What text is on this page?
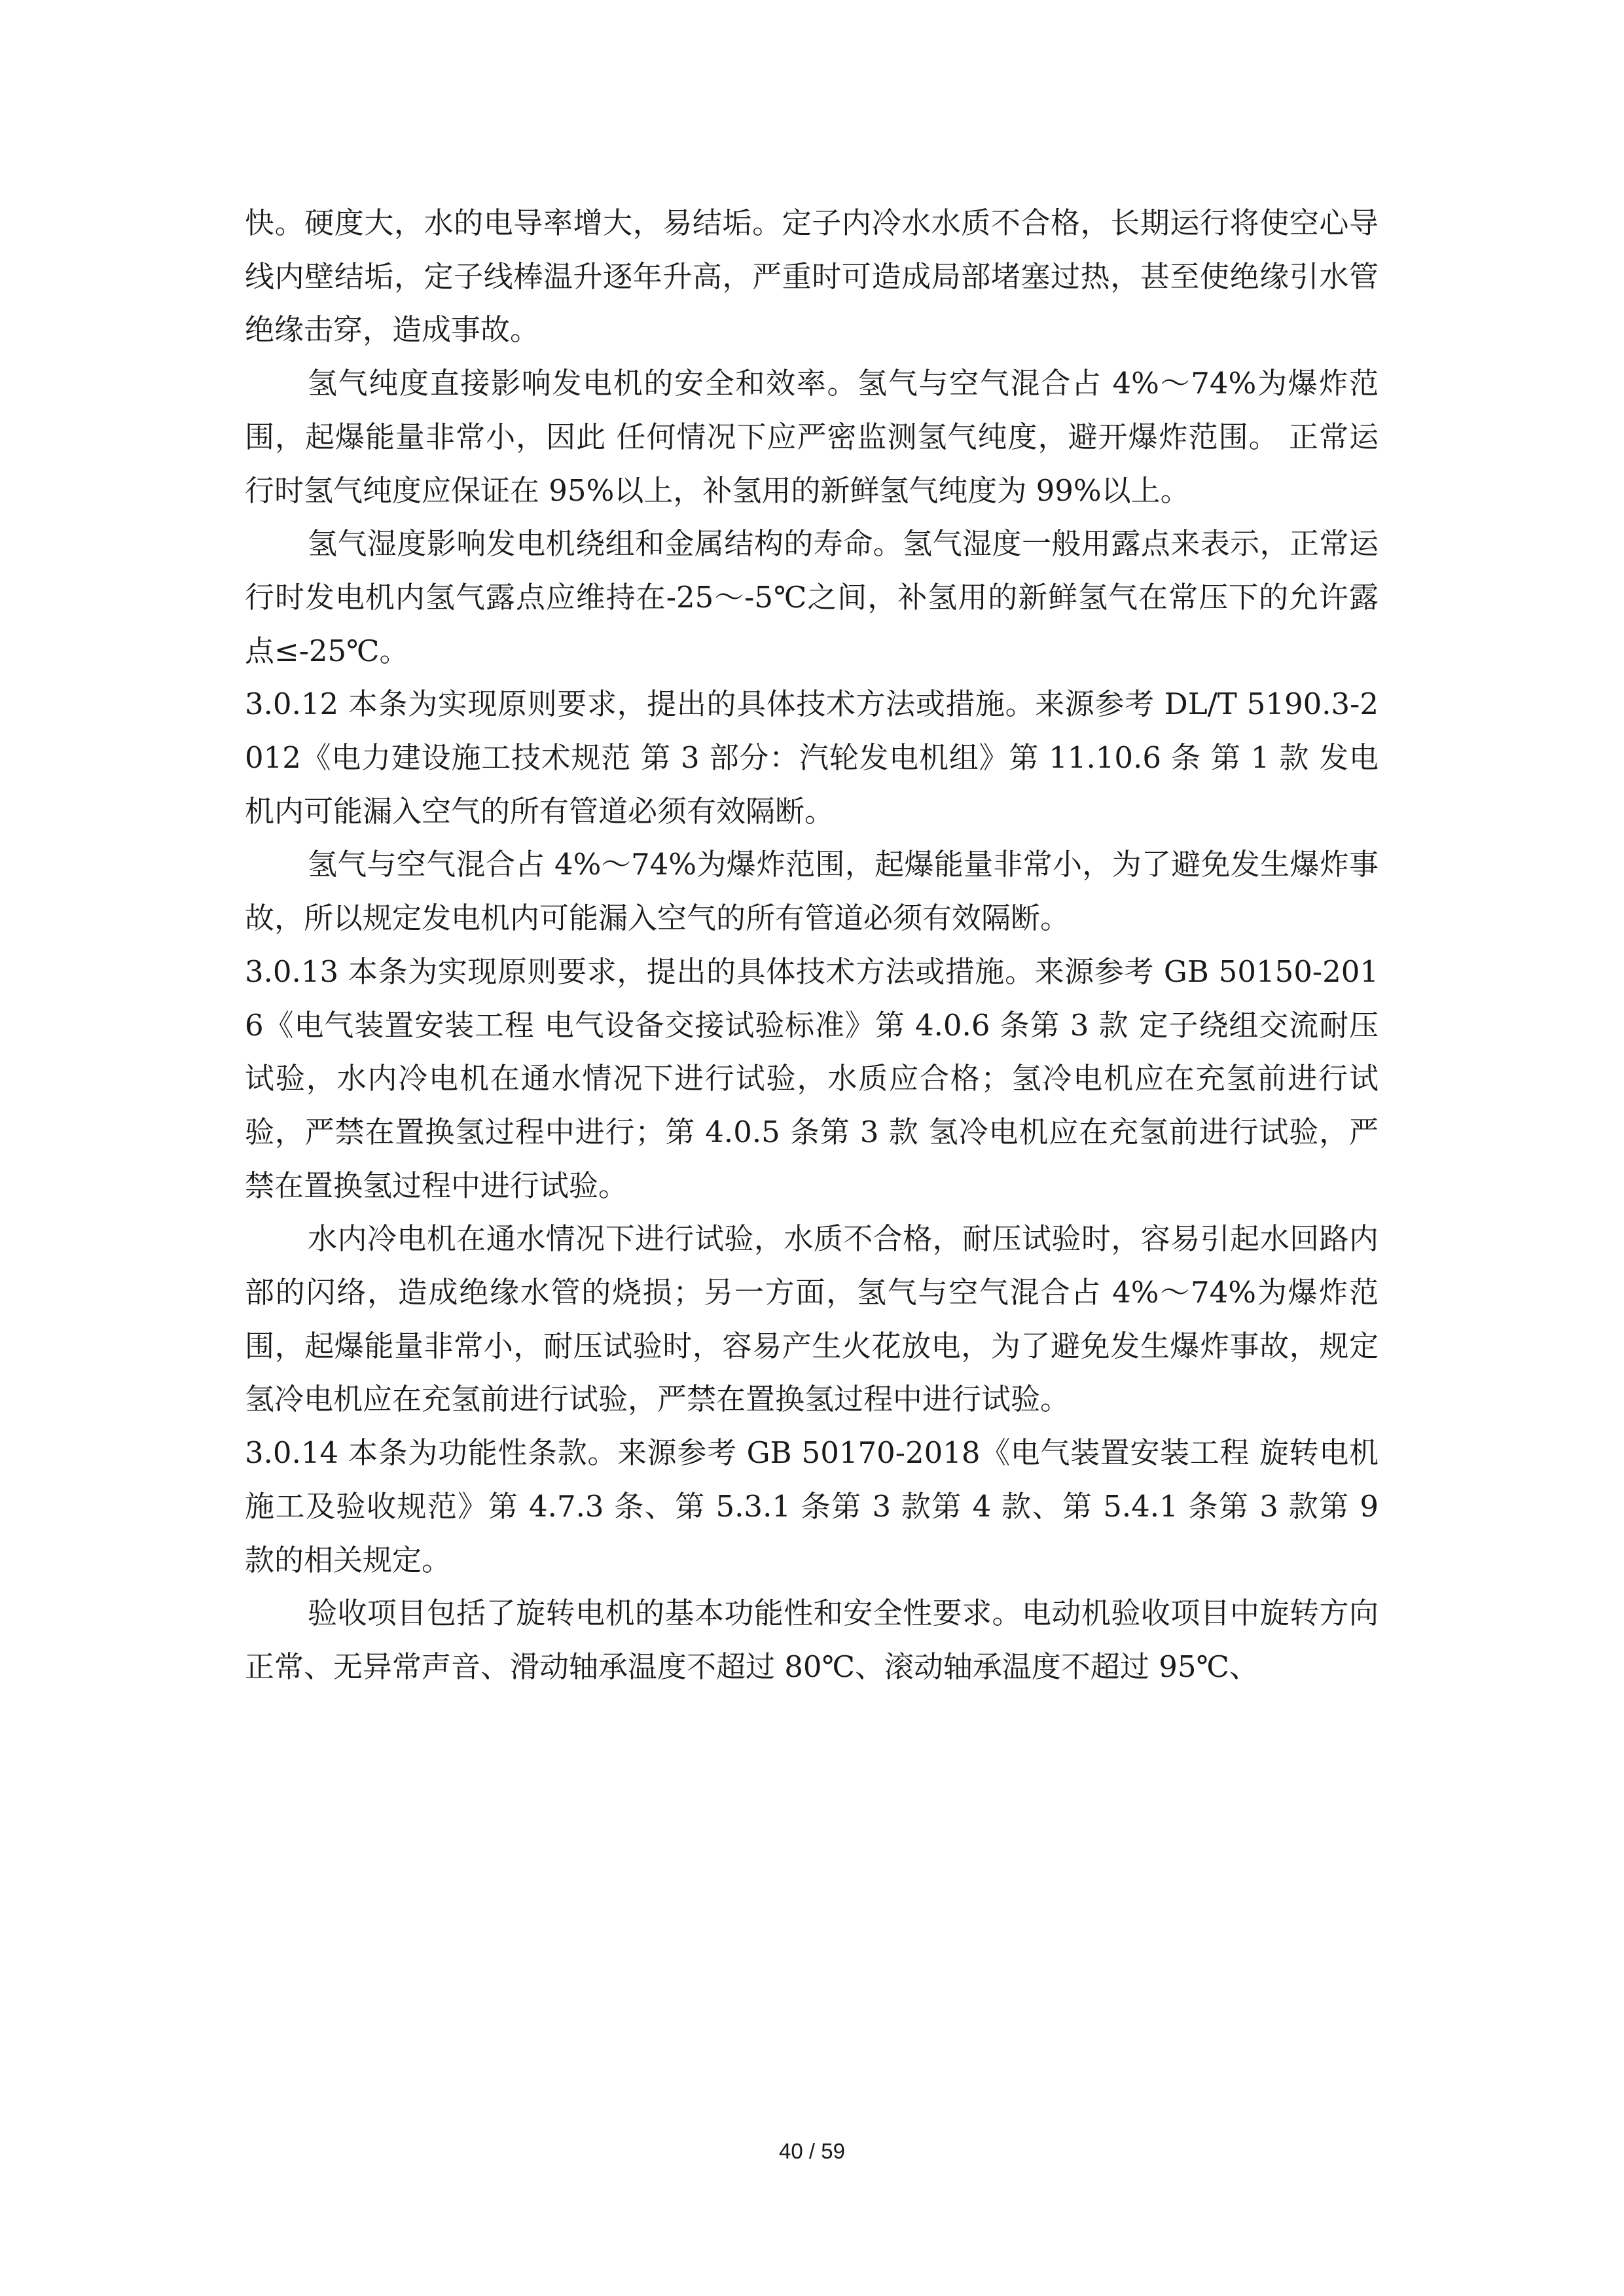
快。硬度大，水的电导率增大，易结垢。定子内冷水水质不合格，长期运行将使空心导线内壁结垢，定子线棒温升逐年升高，严重时可造成局部堵塞过热，甚至使绝缘引水管绝缘击穿，造成事故。

氢气纯度直接影响发电机的安全和效率。氢气与空气混合占 4%～74%为爆炸范围，起爆能量非常小，因此 任何情况下应严密监测氢气纯度，避开爆炸范围。 正常运行时氢气纯度应保证在 95%以上，补氢用的新鲜氢气纯度为 99%以上。

氢气湿度影响发电机绕组和金属结构的寿命。氢气湿度一般用露点来表示，正常运行时发电机内氢气露点应维持在-25～-5℃之间，补氢用的新鲜氢气在常压下的允许露点≤-25℃。

3.0.12 本条为实现原则要求，提出的具体技术方法或措施。来源参考 DL/T 5190.3-2012《电力建设施工技术规范 第 3 部分：汽轮发电机组》第 11.10.6 条 第 1 款 发电机内可能漏入空气的所有管道必须有效隔断。

氢气与空气混合占 4%～74%为爆炸范围，起爆能量非常小，为了避免发生爆炸事故，所以规定发电机内可能漏入空气的所有管道必须有效隔断。

3.0.13 本条为实现原则要求，提出的具体技术方法或措施。来源参考 GB 50150-2016《电气装置安装工程 电气设备交接试验标准》第 4.0.6 条第 3 款 定子绕组交流耐压试验，水内冷电机在通水情况下进行试验，水质应合格；氢冷电机应在充氢前进行试验，严禁在置换氢过程中进行；第 4.0.5 条第 3 款 氢冷电机应在充氢前进行试验，严禁在置换氢过程中进行试验。

水内冷电机在通水情况下进行试验，水质不合格，耐压试验时，容易引起水回路内部的闪络，造成绝缘水管的烧损；另一方面，氢气与空气混合占 4%～74%为爆炸范围，起爆能量非常小，耐压试验时，容易产生火花放电，为了避免发生爆炸事故，规定氢冷电机应在充氢前进行试验，严禁在置换氢过程中进行试验。

3.0.14 本条为功能性条款。来源参考 GB 50170-2018《电气装置安装工程 旋转电机施工及验收规范》第 4.7.3 条、第 5.3.1 条第 3 款第 4 款、第 5.4.1 条第 3 款第 9 款的相关规定。

验收项目包括了旋转电机的基本功能性和安全性要求。电动机验收项目中旋转方向正常、无异常声音、滑动轴承温度不超过 80℃、滚动轴承温度不超过 95℃、

40 / 59
